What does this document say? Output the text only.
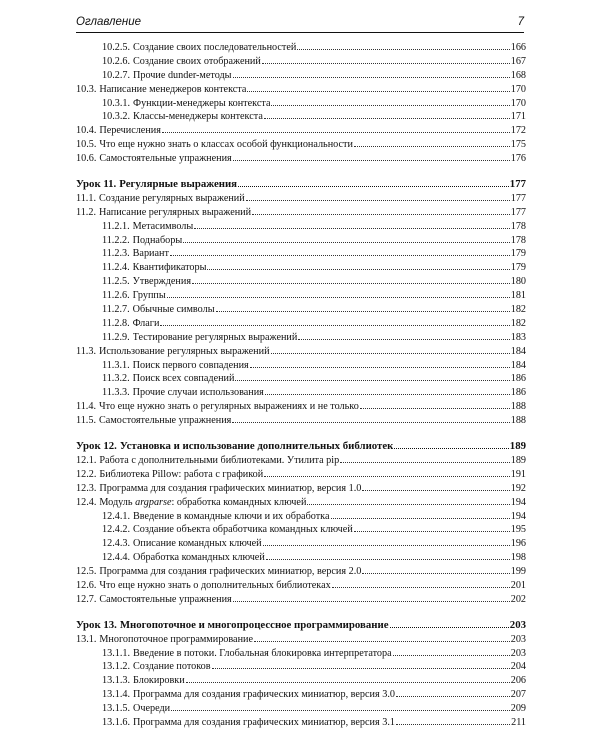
Оглавление	7
10.2.5. Создание своих последовательностей	166
10.2.6. Создание своих отображений	167
10.2.7. Прочие dunder-методы	168
10.3. Написание менеджеров контекста	170
10.3.1. Функции-менеджеры контекста	170
10.3.2. Классы-менеджеры контекста	171
10.4. Перечисления	172
10.5. Что еще нужно знать о классах особой функциональности	175
10.6. Самостоятельные упражнения	176
Урок 11. Регулярные выражения	177
11.1. Создание регулярных выражений	177
11.2. Написание регулярных выражений	177
11.2.1. Метасимволы	178
11.2.2. Поднаборы	178
11.2.3. Вариант	179
11.2.4. Квантификаторы	179
11.2.5. Утверждения	180
11.2.6. Группы	181
11.2.7. Обычные символы	182
11.2.8. Флаги	182
11.2.9. Тестирование регулярных выражений	183
11.3. Использование регулярных выражений	184
11.3.1. Поиск первого совпадения	184
11.3.2. Поиск всех совпадений	186
11.3.3. Прочие случаи использования	186
11.4. Что еще нужно знать о регулярных выражениях и не только	188
11.5. Самостоятельные упражнения	188
Урок 12. Установка и использование дополнительных библиотек	189
12.1. Работа с дополнительными библиотеками. Утилита pip	189
12.2. Библиотека Pillow: работа с графикой	191
12.3. Программа для создания графических миниатюр, версия 1.0	192
12.4. Модуль argparse: обработка командных ключей	194
12.4.1. Введение в командные ключи и их обработка	194
12.4.2. Создание объекта обработчика командных ключей	195
12.4.3. Описание командных ключей	196
12.4.4. Обработка командных ключей	198
12.5. Программа для создания графических миниатюр, версия 2.0	199
12.6. Что еще нужно знать о дополнительных библиотеках	201
12.7. Самостоятельные упражнения	202
Урок 13. Многопоточное и многопроцессное программирование	203
13.1. Многопоточное программирование	203
13.1.1. Введение в потоки. Глобальная блокировка интерпретатора	203
13.1.2. Создание потоков	204
13.1.3. Блокировки	206
13.1.4. Программа для создания графических миниатюр, версия 3.0	207
13.1.5. Очереди	209
13.1.6. Программа для создания графических миниатюр, версия 3.1	211
